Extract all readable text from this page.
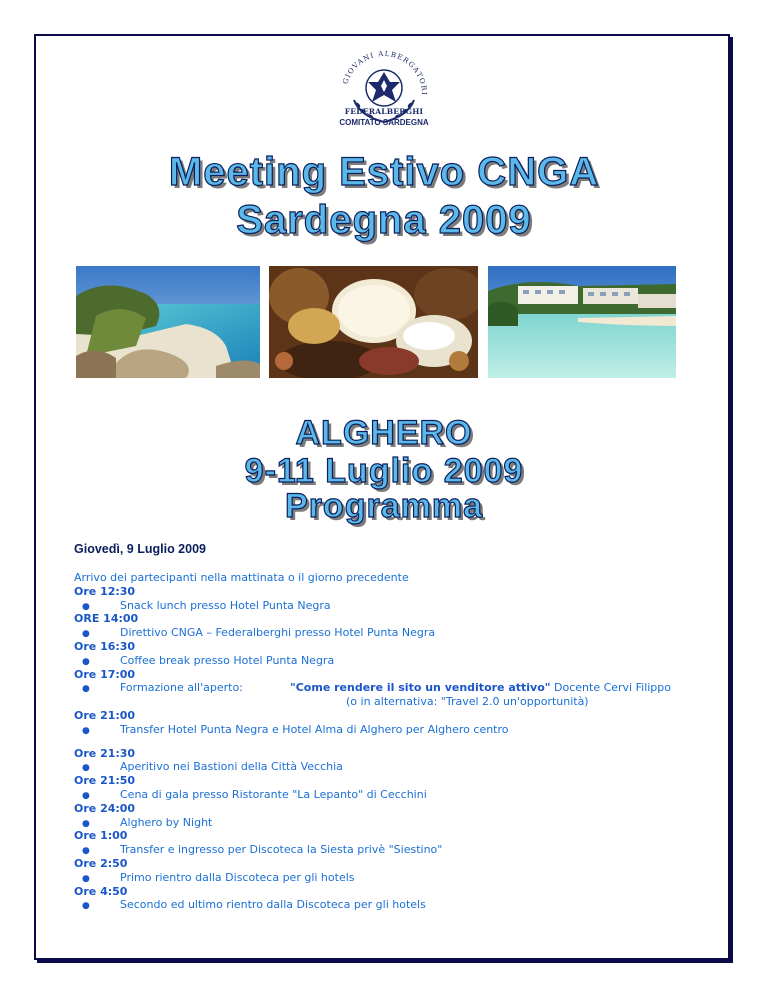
GIOVANI ALBERGATORI
FEDERALBERGHI
COMITATO SARDEGNA
Meeting Estivo CNGA
Sardegna 2009
ALGHERO
9-11 Luglio 2009
Programma
Giovedì, 9 Luglio 2009
Arrivo dei partecipanti nella mattinata o il giorno precedente
Ore 12:30
●	Snack lunch presso Hotel Punta Negra
ORE 14:00
●	Direttivo CNGA – Federalberghi presso Hotel Punta Negra
Ore 16:30
●	Coffee break presso Hotel Punta Negra
Ore 17:00
●	Formazione all'aperto:	"Come rendere il sito un venditore attivo" Docente Cervi Filippo
(o in alternativa: "Travel 2.0 un'opportunità)
Ore 21:00
●	Transfer Hotel Punta Negra e Hotel Alma di Alghero per Alghero centro
Ore 21:30
●	Aperitivo nei Bastioni della Città Vecchia
Ore 21:50
●	Cena di gala presso Ristorante "La Lepanto" di Cecchini
Ore 24:00
●	Alghero by Night
Ore 1:00
●	Transfer e ingresso per Discoteca la Siesta privè "Siestino"
Ore 2:50
●	Primo rientro dalla Discoteca per gli hotels
Ore 4:50
●	Secondo ed ultimo rientro dalla Discoteca per gli hotels
